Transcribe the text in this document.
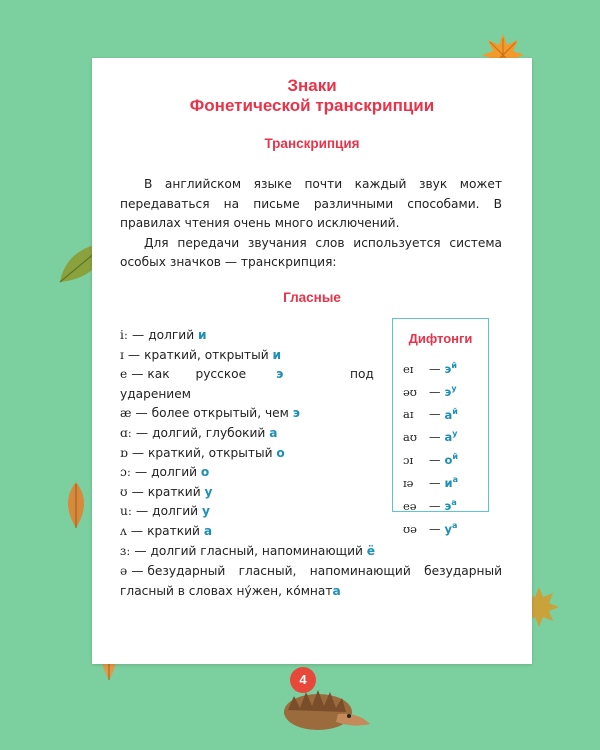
Знаки
Фонетической транскрипции
Транскрипция

В английском языке почти каждый звук может передаваться на письме различными способами. В правилах чтения очень много исключений.

Для передачи звучания слов используется система особых значков — транскрипция:

Гласные
iː — долгий и
ɪ — краткий, открытый и
e — как русское э	под
ударением
æ — более открытый, чем э
ɑː — долгий, глубокий а
ɒ — краткий, открытый о
ɔː — долгий о
ʊ — краткий у
uː — долгий у
ʌ — краткий а
ɜː — долгий гласный, напоминающий ё
ə — безударный гласный, напоминающий безударный гласный в словах нужен, комната
Дифтонги
eɪ — $э^й$
əʊ — $э^у$
aɪ — $а^й$
aʊ — $а^у$
ɔɪ — $о^й$
ɪə — $и^а$
eə — $э^а$
ʊə — $у^а$
4
